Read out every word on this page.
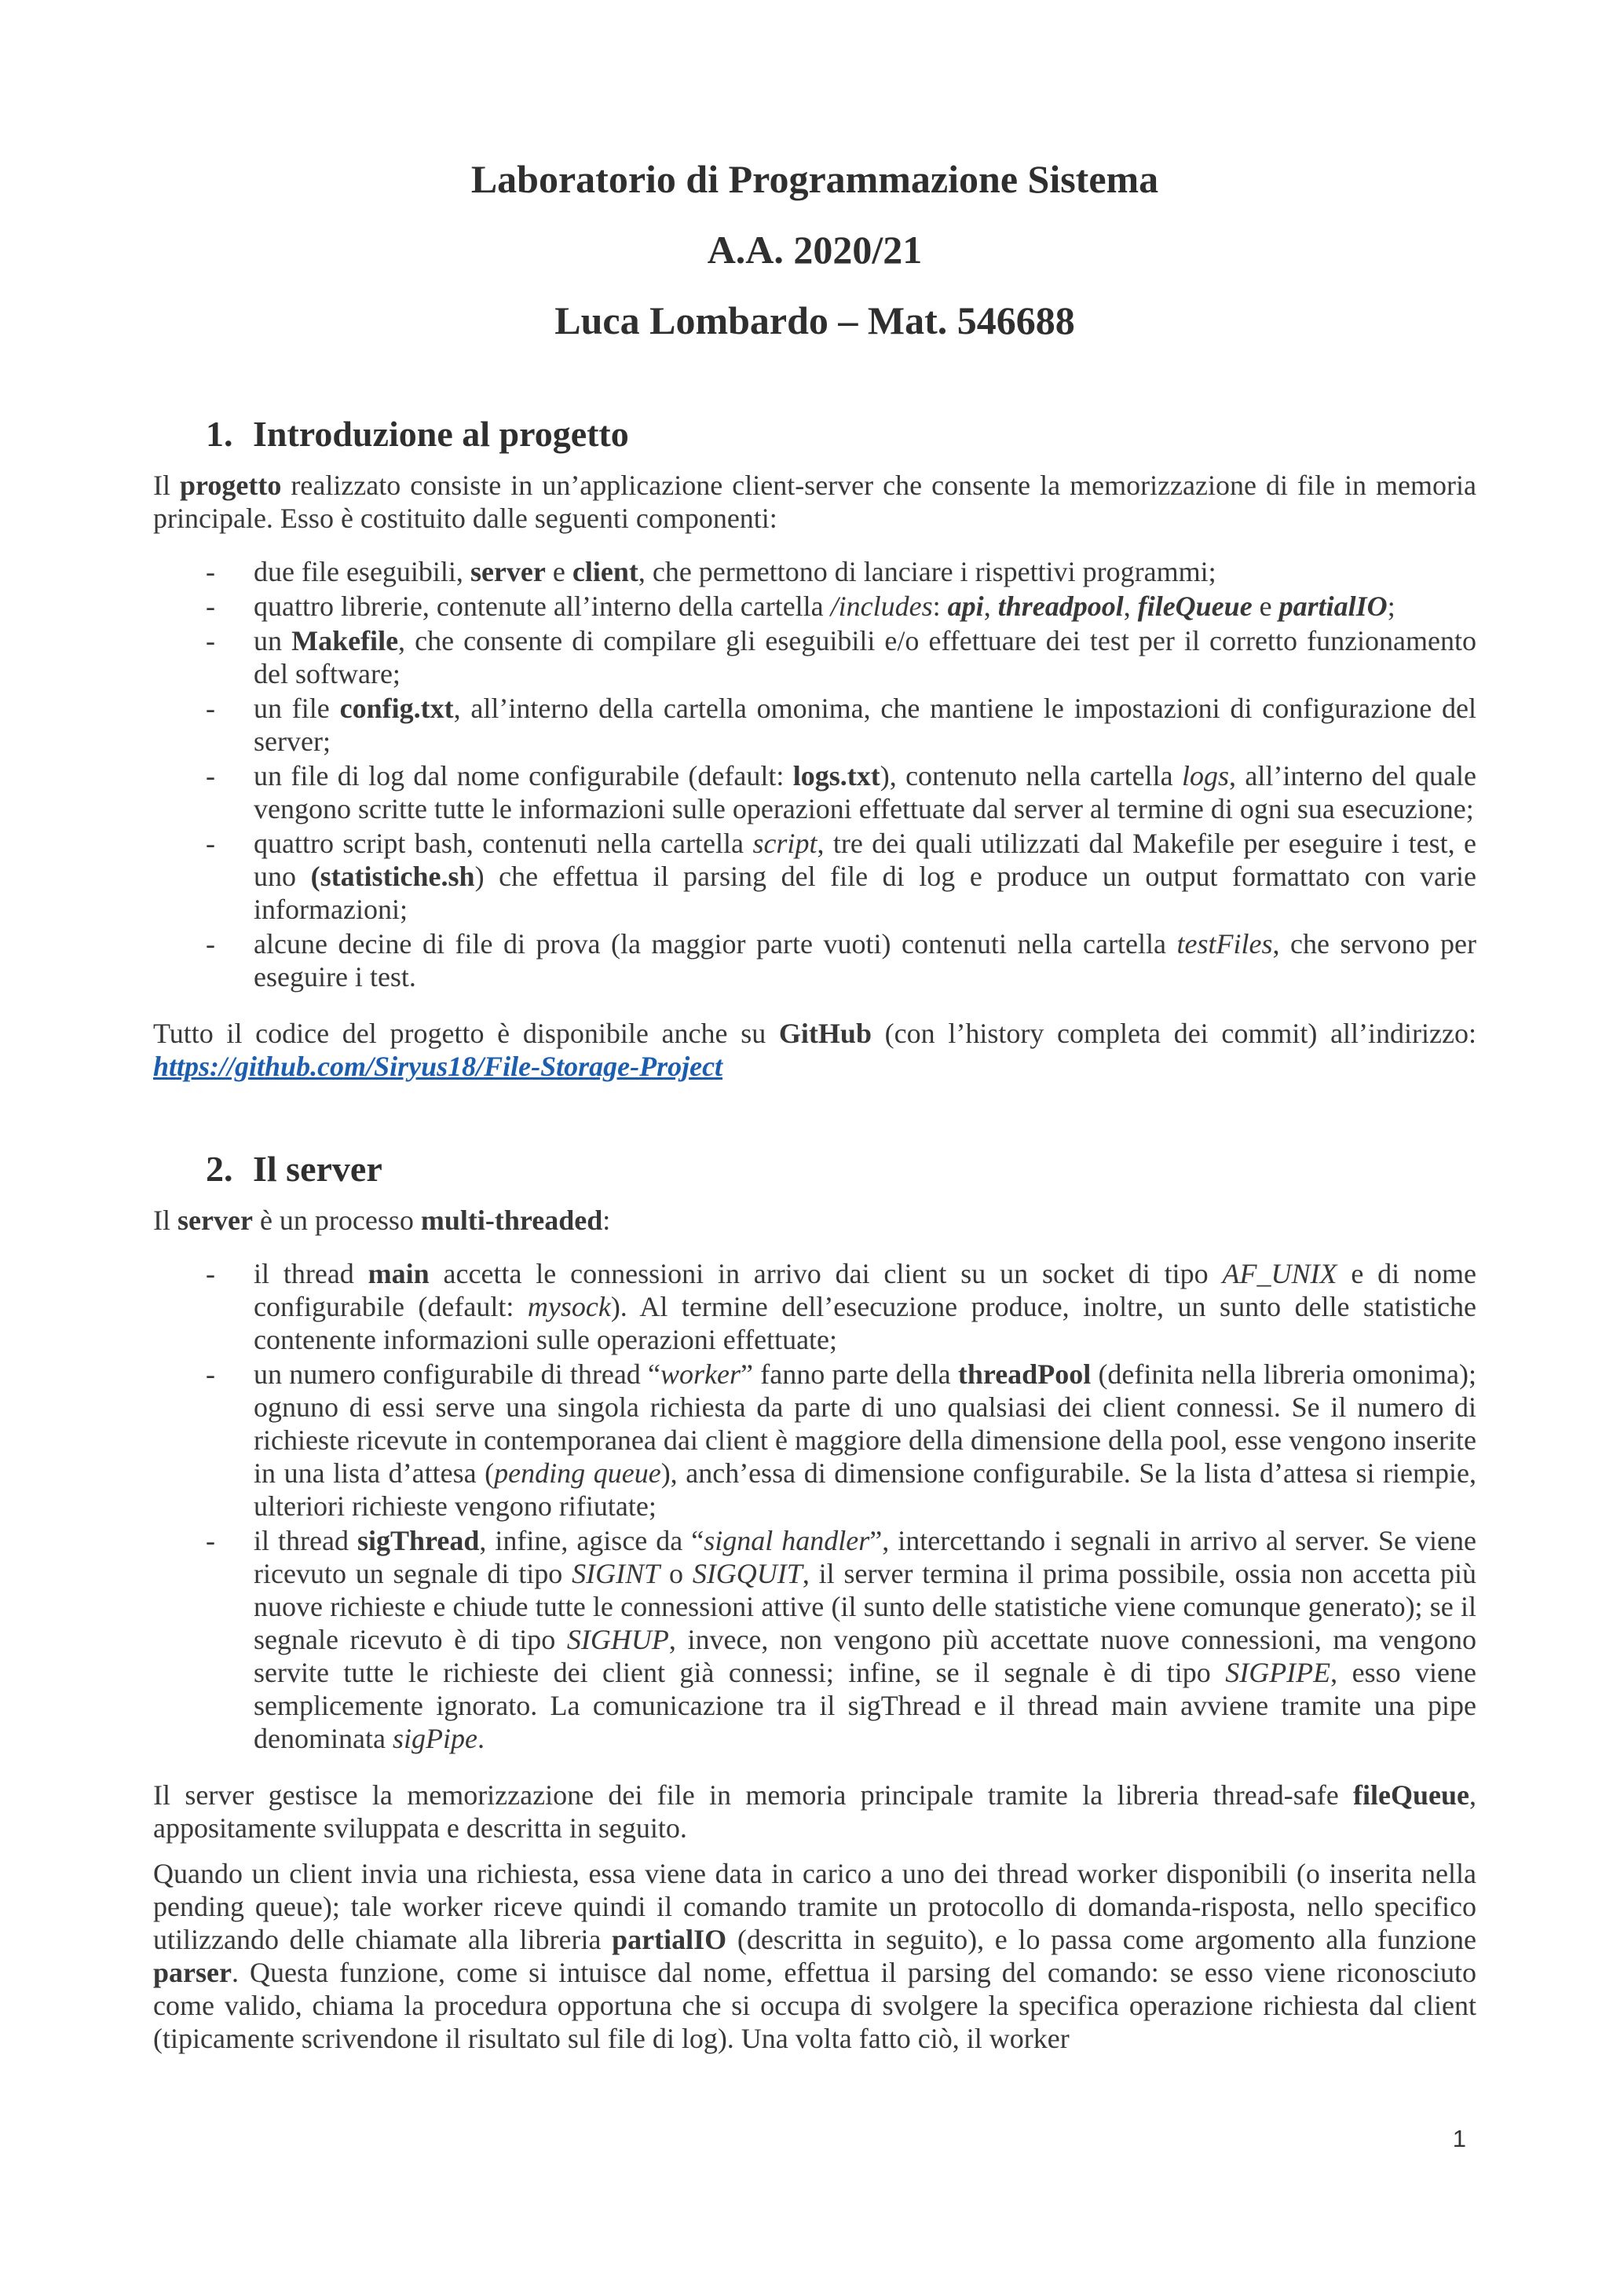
Laboratorio di Programmazione Sistema
A.A. 2020/21
Luca Lombardo – Mat. 546688
1. Introduzione al progetto
Il progetto realizzato consiste in un’applicazione client-server che consente la memorizzazione di file in memoria principale. Esso è costituito dalle seguenti componenti:
- due file eseguibili, server e client, che permettono di lanciare i rispettivi programmi;
- quattro librerie, contenute all’interno della cartella /includes: api, threadpool, fileQueue e partialIO;
- un Makefile, che consente di compilare gli eseguibili e/o effettuare dei test per il corretto funzionamento del software;
- un file config.txt, all’interno della cartella omonima, che mantiene le impostazioni di configurazione del server;
- un file di log dal nome configurabile (default: logs.txt), contenuto nella cartella logs, all’interno del quale vengono scritte tutte le informazioni sulle operazioni effettuate dal server al termine di ogni sua esecuzione;
- quattro script bash, contenuti nella cartella script, tre dei quali utilizzati dal Makefile per eseguire i test, e uno (statistiche.sh) che effettua il parsing del file di log e produce un output formattato con varie informazioni;
- alcune decine di file di prova (la maggior parte vuoti) contenuti nella cartella testFiles, che servono per eseguire i test.
Tutto il codice del progetto è disponibile anche su GitHub (con l’history completa dei commit) all’indirizzo: https://github.com/Siryus18/File-Storage-Project
2. Il server
Il server è un processo multi-threaded:
- il thread main accetta le connessioni in arrivo dai client su un socket di tipo AF_UNIX e di nome configurabile (default: mysock). Al termine dell’esecuzione produce, inoltre, un sunto delle statistiche contenente informazioni sulle operazioni effettuate;
- un numero configurabile di thread “worker” fanno parte della threadPool (definita nella libreria omonima); ognuno di essi serve una singola richiesta da parte di uno qualsiasi dei client connessi. Se il numero di richieste ricevute in contemporanea dai client è maggiore della dimensione della pool, esse vengono inserite in una lista d’attesa (pending queue), anch’essa di dimensione configurabile. Se la lista d’attesa si riempie, ulteriori richieste vengono rifiutate;
- il thread sigThread, infine, agisce da “signal handler”, intercettando i segnali in arrivo al server. Se viene ricevuto un segnale di tipo SIGINT o SIGQUIT, il server termina il prima possibile, ossia non accetta più nuove richieste e chiude tutte le connessioni attive (il sunto delle statistiche viene comunque generato); se il segnale ricevuto è di tipo SIGHUP, invece, non vengono più accettate nuove connessioni, ma vengono servite tutte le richieste dei client già connessi; infine, se il segnale è di tipo SIGPIPE, esso viene semplicemente ignorato. La comunicazione tra il sigThread e il thread main avviene tramite una pipe denominata sigPipe.
Il server gestisce la memorizzazione dei file in memoria principale tramite la libreria thread-safe fileQueue, appositamente sviluppata e descritta in seguito.
Quando un client invia una richiesta, essa viene data in carico a uno dei thread worker disponibili (o inserita nella pending queue); tale worker riceve quindi il comando tramite un protocollo di domanda-risposta, nello specifico utilizzando delle chiamate alla libreria partialIO (descritta in seguito), e lo passa come argomento alla funzione parser. Questa funzione, come si intuisce dal nome, effettua il parsing del comando: se esso viene riconosciuto come valido, chiama la procedura opportuna che si occupa di svolgere la specifica operazione richiesta dal client (tipicamente scrivendone il risultato sul file di log). Una volta fatto ciò, il worker
1
